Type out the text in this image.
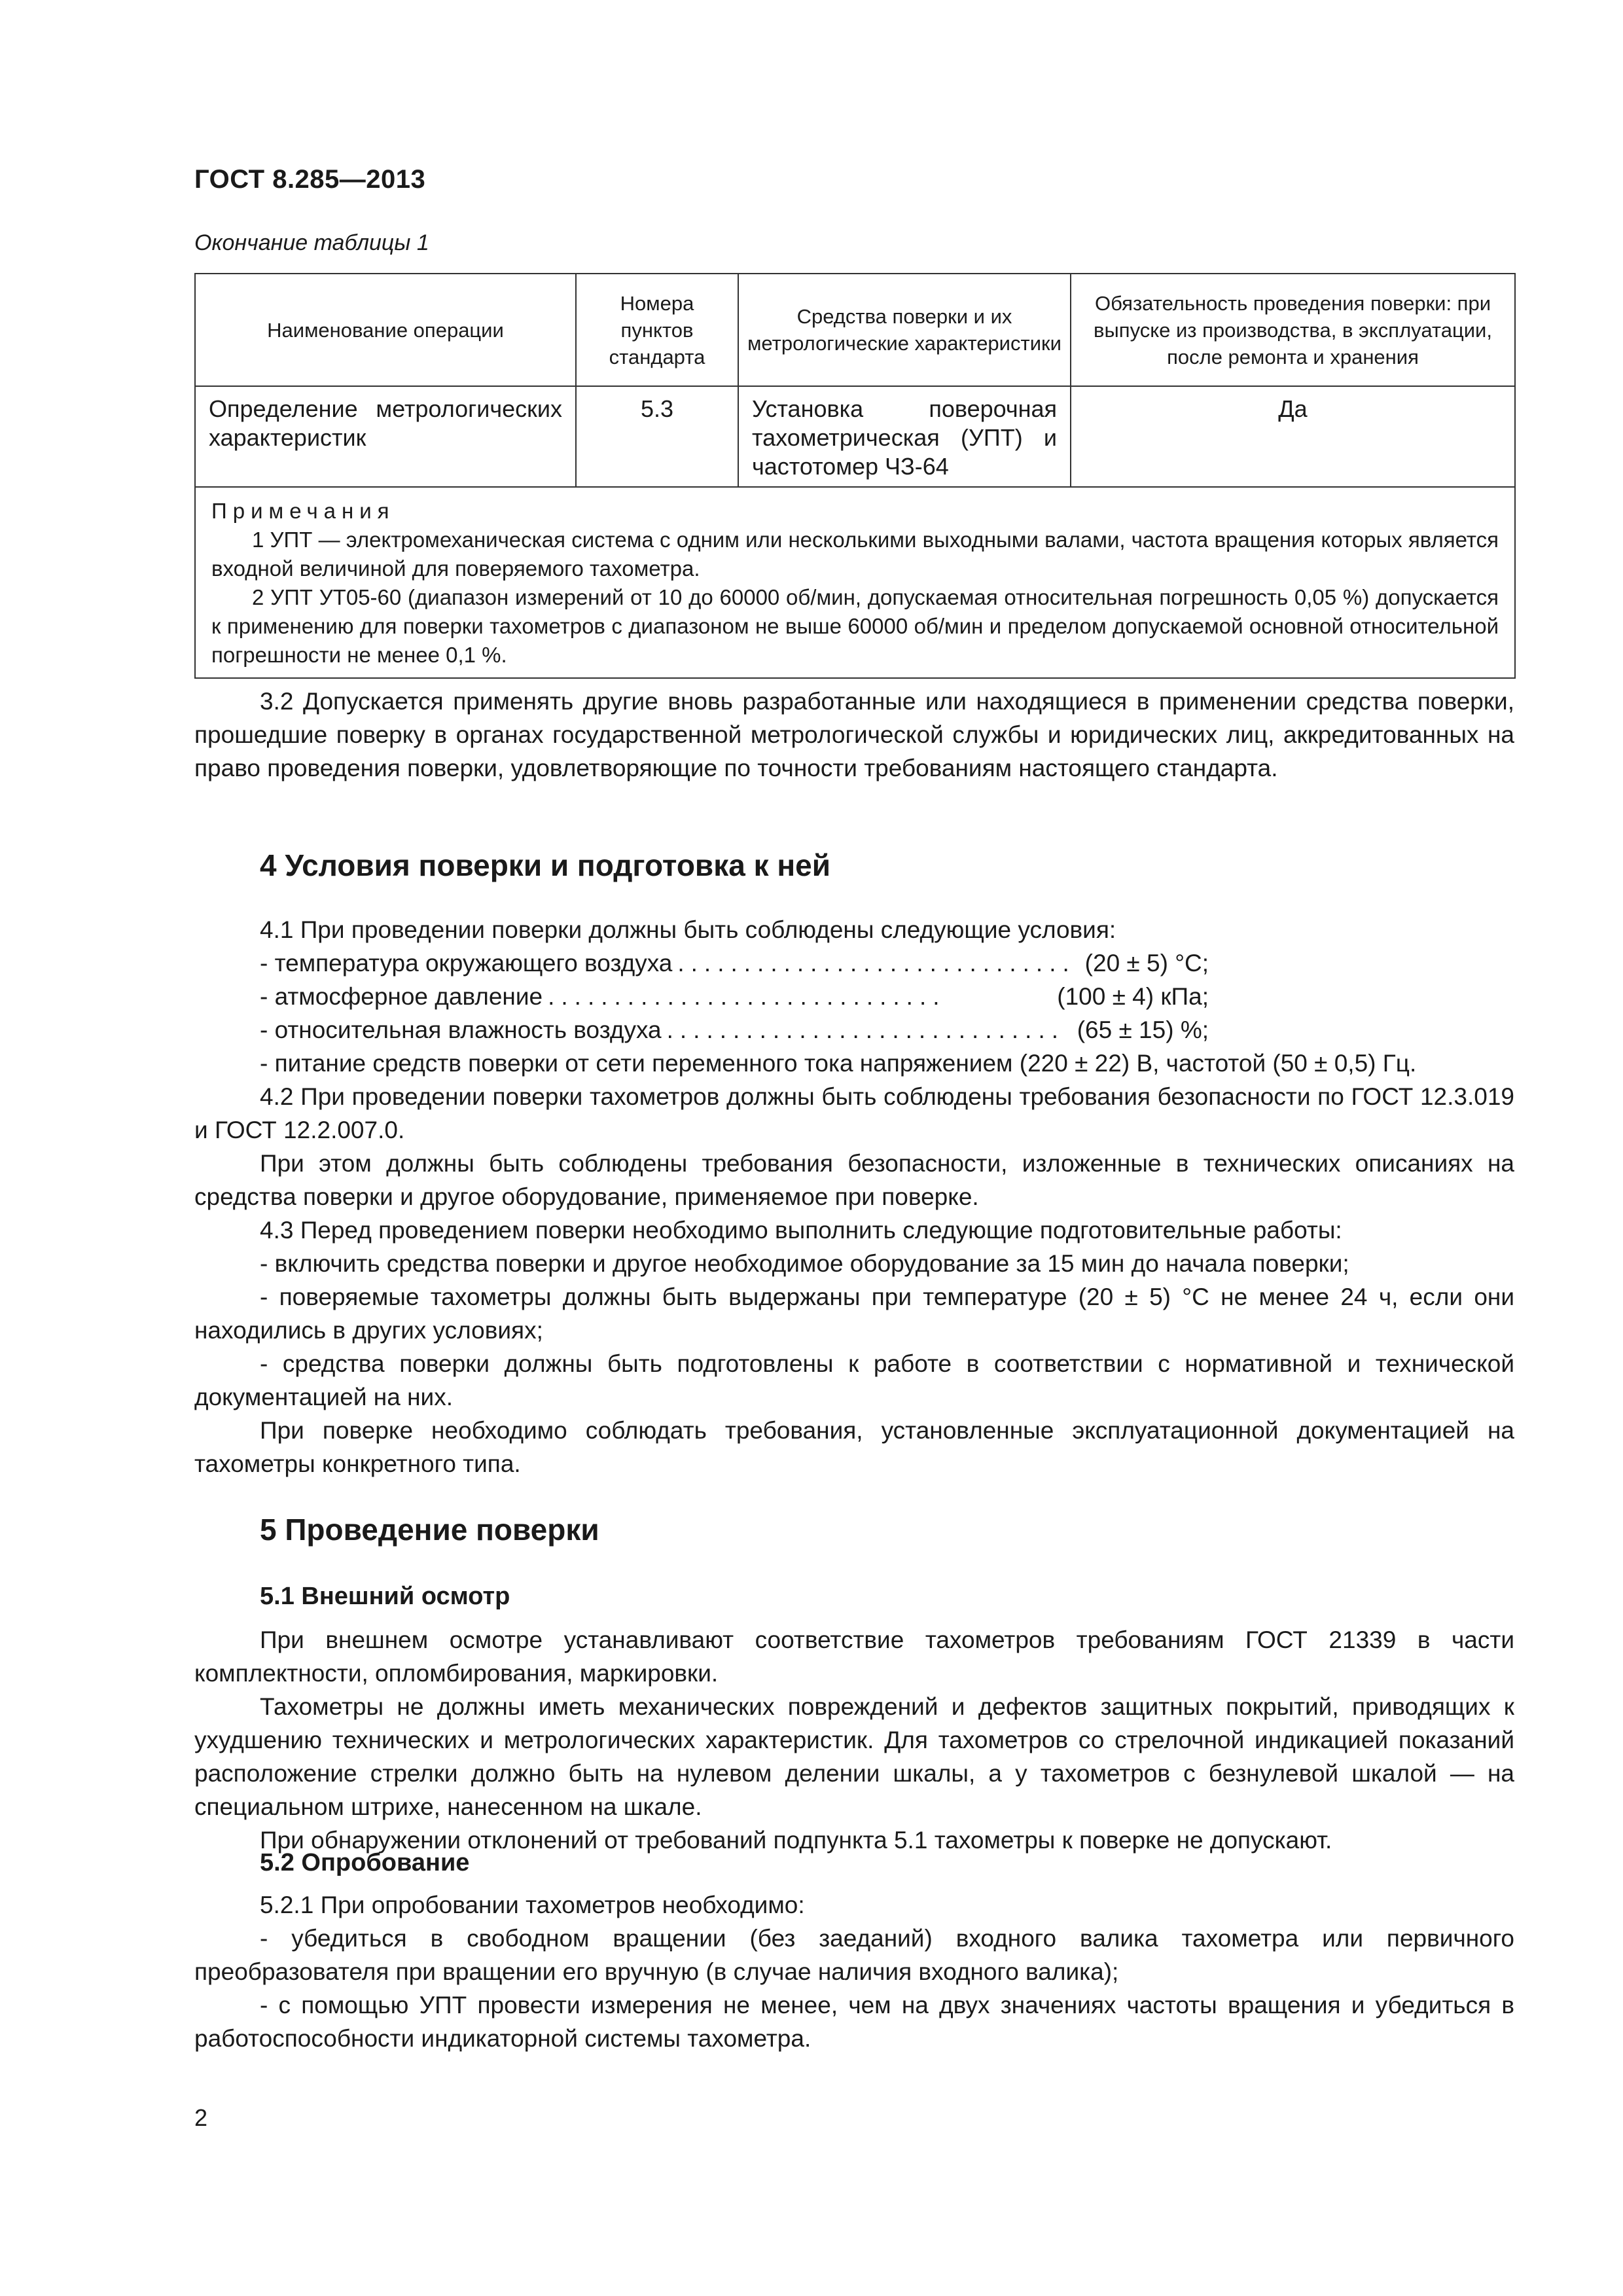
ГОСТ 8.285—2013
Окончание таблицы 1
Наименование операции	Номера пунктов стандарта	Средства поверки и их метрологические характеристики	Обязательность проведения поверки: при выпуске из производства, в эксплуатации, после ремонта и хранения
Определение метрологических характеристик	5.3	Установка поверочная тахометрическая (УПТ) и частотомер ЧЗ-64	Да

Примечания

1 УПТ — электромеханическая система с одним или несколькими выходными валами, частота вращения которых является входной величиной для поверяемого тахометра.

2 УПТ УТ05-60 (диапазон измерений от 10 до 60000 об/мин, допускаемая относительная погрешность 0,05 %) допускается к применению для поверки тахометров с диапазоном не выше 60000 об/мин и пределом допускаемой основной относительной погрешности не менее 0,1 %.			

3.2 Допускается применять другие вновь разработанные или находящиеся в применении средства поверки, прошедшие поверку в органах государственной метрологической службы и юридических лиц, аккредитованных на право проведения поверки, удовлетворяющие по точности требованиям настоящего стандарта.

4 Условия поверки и подготовка к ней

4.1 При проведении поверки должны быть соблюдены следующие условия:

- температура окружающего воздуха .............................. (20 ± 5) °С;
- атмосферное давление ..............................	(100 ± 4) кПа;
- относительная влажность воздуха .............................. (65 ± 15) %;

- питание средств поверки от сети переменного тока напряжением (220 ± 22) В, частотой (50 ± 0,5) Гц.

4.2 При проведении поверки тахометров должны быть соблюдены требования безопасности по ГОСТ 12.3.019 и ГОСТ 12.2.007.0.

При этом должны быть соблюдены требования безопасности, изложенные в технических описаниях на средства поверки и другое оборудование, применяемое при поверке.

4.3 Перед проведением поверки необходимо выполнить следующие подготовительные работы:

- включить средства поверки и другое необходимое оборудование за 15 мин до начала поверки;

- поверяемые тахометры должны быть выдержаны при температуре (20 ± 5) °С не менее 24 ч, если они находились в других условиях;

- средства поверки должны быть подготовлены к работе в соответствии с нормативной и технической документацией на них.

При поверке необходимо соблюдать требования, установленные эксплуатационной документацией на тахометры конкретного типа.

5 Проведение поверки
5.1 Внешний осмотр

При внешнем осмотре устанавливают соответствие тахометров требованиям ГОСТ 21339 в части комплектности, опломбирования, маркировки.

Тахометры не должны иметь механических повреждений и дефектов защитных покрытий, приводящих к ухудшению технических и метрологических характеристик. Для тахометров со стрелочной индикацией показаний расположение стрелки должно быть на нулевом делении шкалы, а у тахометров с безнулевой шкалой — на специальном штрихе, нанесенном на шкале.

При обнаружении отклонений от требований подпункта 5.1 тахометры к поверке не допускают.

5.2 Опробование

5.2.1 При опробовании тахометров необходимо:

- убедиться в свободном вращении (без заеданий) входного валика тахометра или первичного преобразователя при вращении его вручную (в случае наличия входного валика);

- с помощью УПТ провести измерения не менее, чем на двух значениях частоты вращения и убедиться в работоспособности индикаторной системы тахометра.

2
